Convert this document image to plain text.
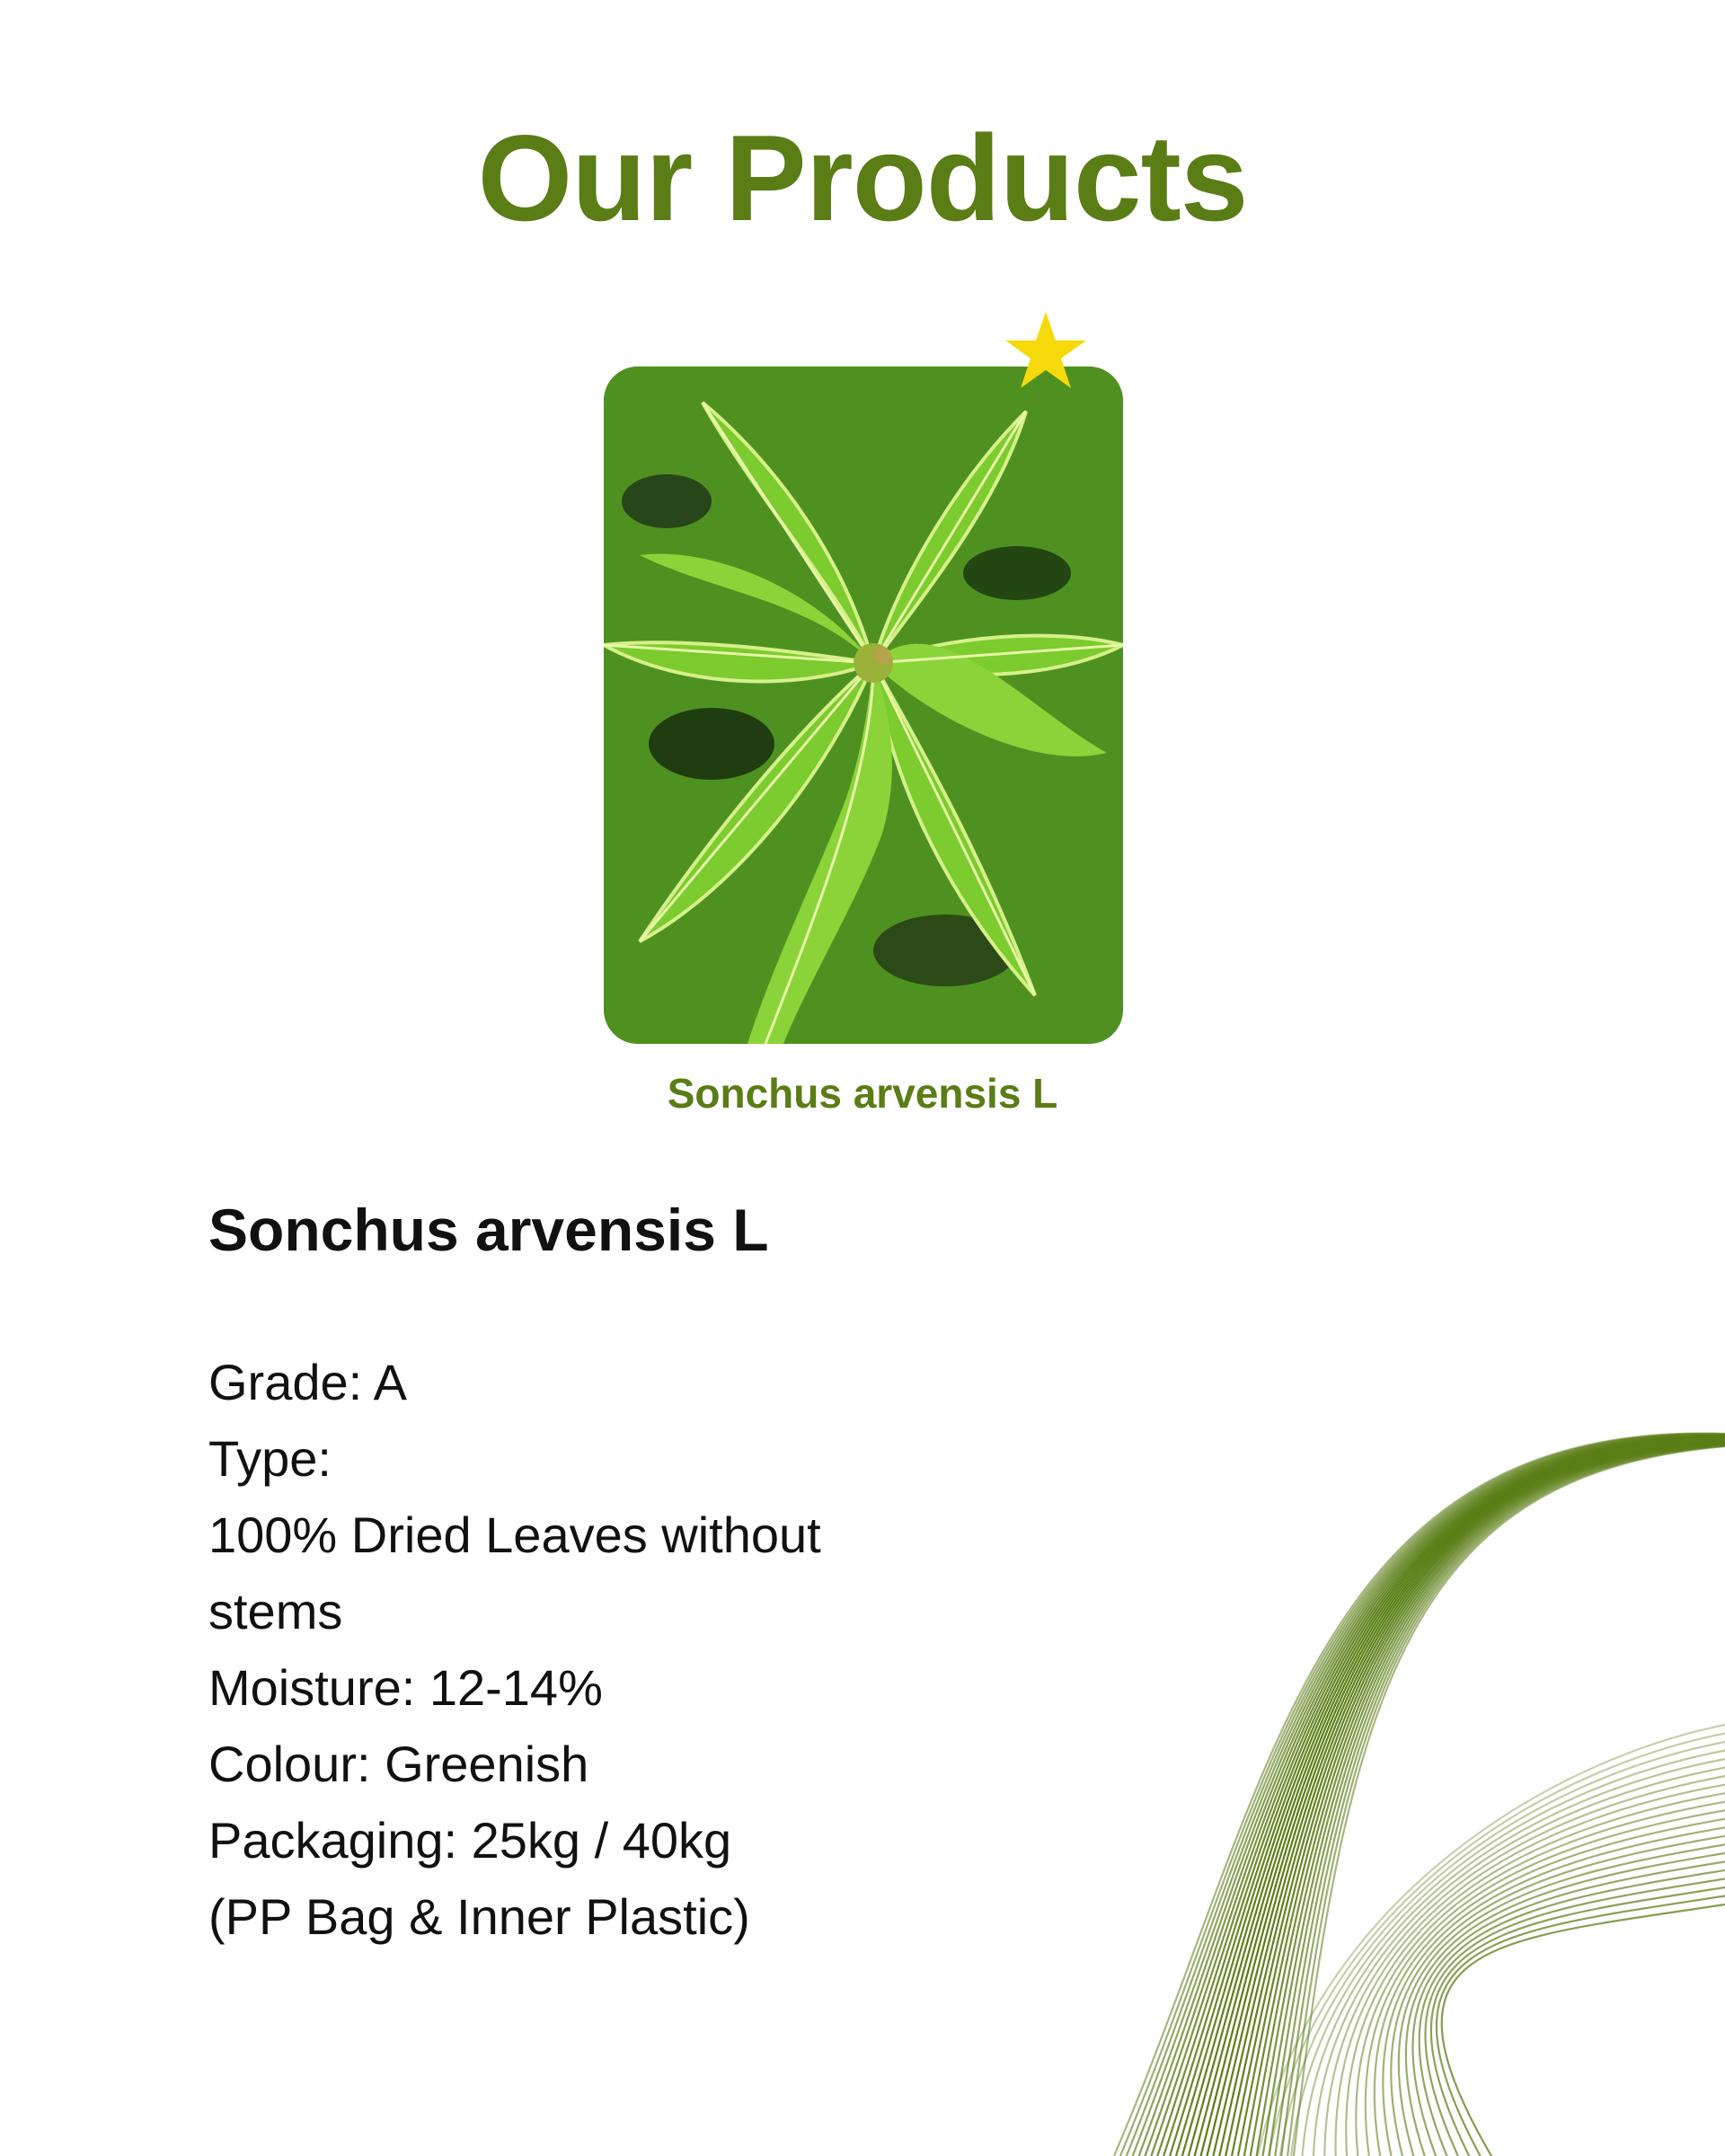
Our Products
Sonchus arvensis L
Sonchus arvensis L
Grade: A
Type:
100% Dried Leaves without
stems
Moisture: 12-14%
Colour: Greenish
Packaging: 25kg / 40kg
(PP Bag & Inner Plastic)
